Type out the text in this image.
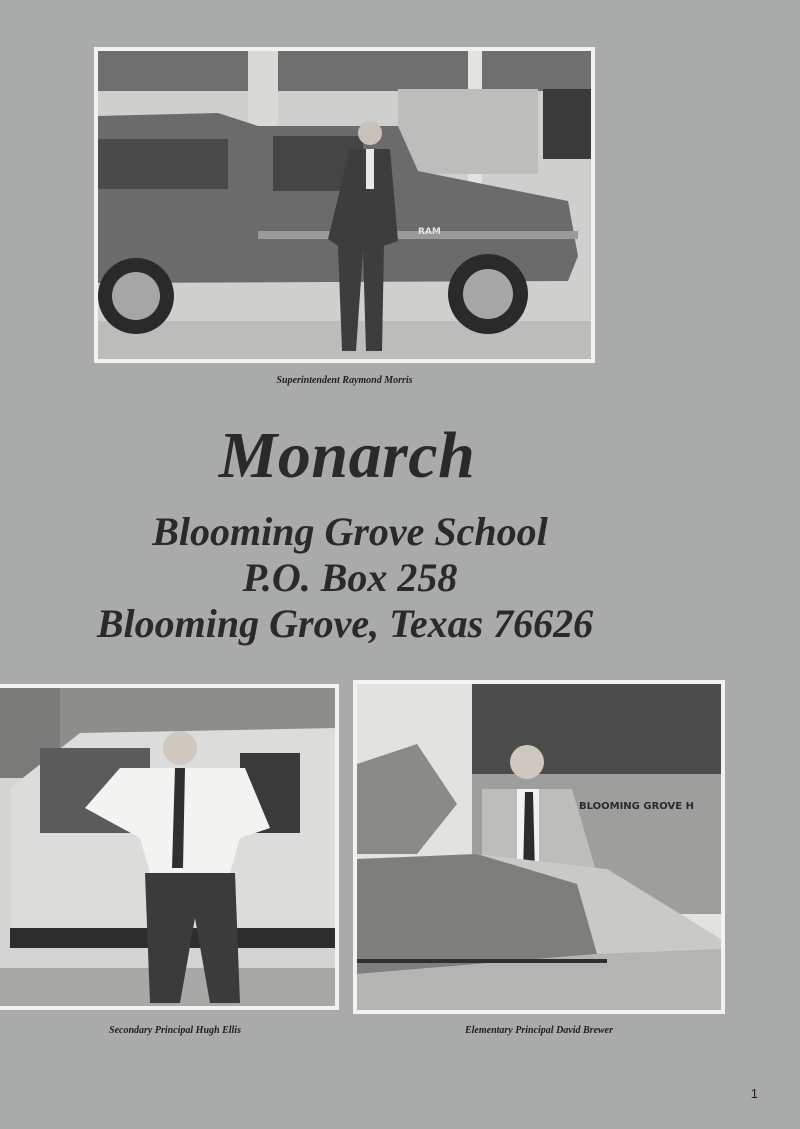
RAM
Superintendent Raymond Morris
Monarch
Blooming Grove School
P.O. Box 258
Blooming Grove, Texas 76626
Secondary Principal Hugh Ellis
BLOOMING GROVE H
Elementary Principal David Brewer
1
